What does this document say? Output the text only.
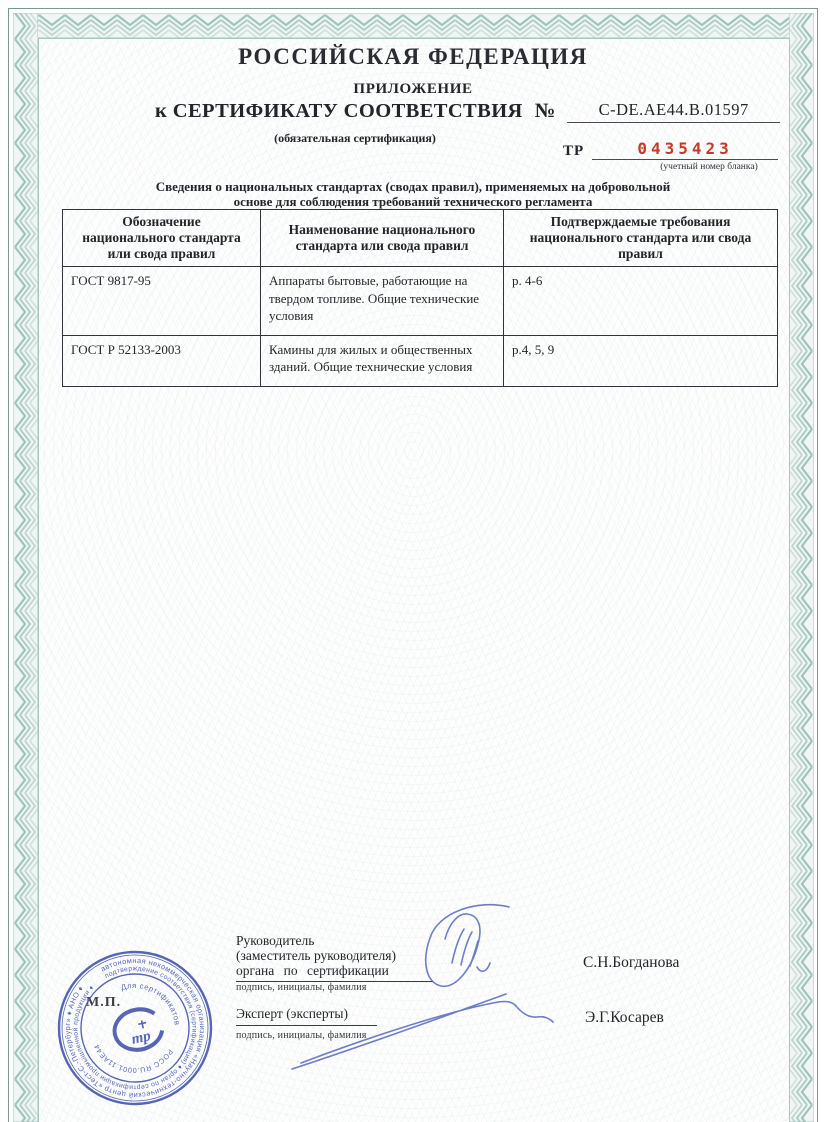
РОССИЙСКАЯ ФЕДЕРАЦИЯ
ПРИЛОЖЕНИЕ
к СЕРТИФИКАТУ СООТВЕТСТВИЯ №	C-DE.AE44.B.01597
(обязательная сертификация)
ТР	0435423
(учетный номер бланка)
Сведения о национальных стандартах (сводах правил), применяемых на добровольной
основе для соблюдения требований технического регламента
Обозначение национального стандарта или свода правил	Наименование национального стандарта или свода правил	Подтверждаемые требования национального стандарта или свода правил
ГОСТ 9817-95	Аппараты бытовые, работающие на твердом топливе. Общие технические условия	р. 4-6
ГОСТ Р 52133-2003	Камины для жилых и общественных зданий. Общие технические условия	р.4, 5, 9
Руководитель
(заместитель руководителя)
органа по сертификации
подпись, инициалы, фамилия
С.Н.Богданова
Эксперт (эксперты)
подпись, инициалы, фамилия
Э.Г.Косарев
М.П.
автономная некоммерческая организация «Научно-технический центр «Тест-С.-Петербург» ♦ АНО ♦
подтверждение соответствия (сертификация) ♦ орган по сертификации промышленной продукции ♦	Для сертификатов
РОСС RU.0001.11АЕ44	тр
